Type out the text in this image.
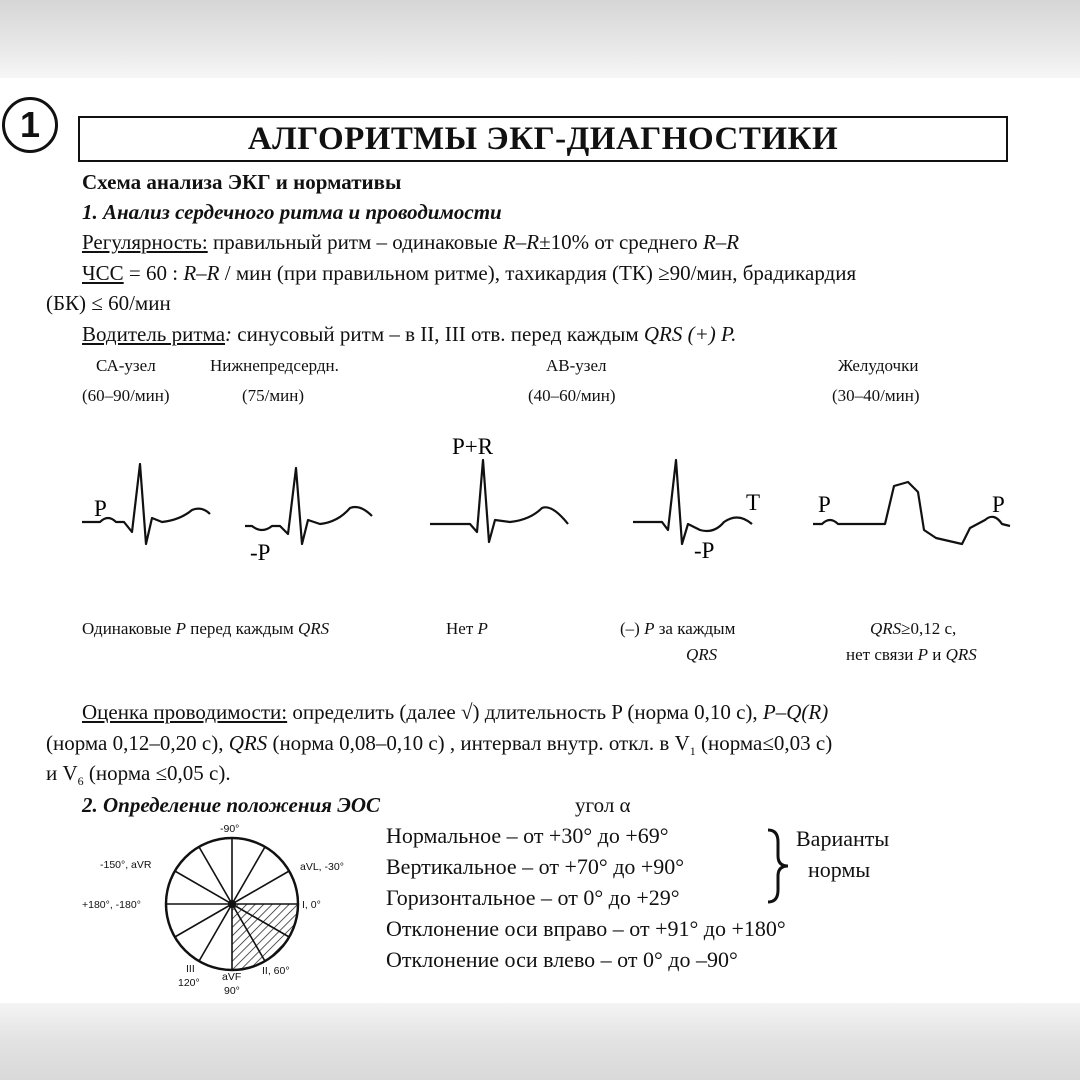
1	АЛГОРИТМЫ ЭКГ-ДИАГНОСТИКИ
Схема анализа ЭКГ и нормативы
1. Анализ сердечного ритма и проводимости
Регулярность: правильный ритм – одинаковые R–R±10% от среднего R–R
ЧСС = 60 : R–R / мин (при правильном ритме), тахикардия (ТК) ≥90/мин, брадикардия
(БК) ≤ 60/мин
Водитель ритма: синусовый ритм – в II, III отв. перед каждым QRS (+) P.
СА-узел
(60–90/мин)
Нижнепредсердн.
(75/мин)
АВ-узел
(40–60/мин)
Желудочки
(30–40/мин)
P
-P
P+R
T
-P
P	P
Одинаковые P перед каждым QRS	Нет P	(–) P за каждым
QRS
QRS≥0,12 с,
нет связи P и QRS
Оценка проводимости: определить (далее √) длительность P (норма 0,10 с), P–Q(R)
(норма 0,12–0,20 с), QRS (норма 0,08–0,10 с) , интервал внутр. откл. в $V_1$ (норма≤0,03 с)
и $V_6$ (норма ≤0,05 с).
2. Определение положения ЭОС	угол α
-90°
-150°, aVR	aVL, -30°
+180°, -180°	I, 0°
III
120° aVF
90°
II, 60°
Нормальное – от +30° до +69°
Вертикальное – от +70° до +90°
Горизонтальное – от 0° до +29°
Отклонение оси вправо – от +91° до +180°
Отклонение оси влево – от 0° до –90°
Варианты
нормы
